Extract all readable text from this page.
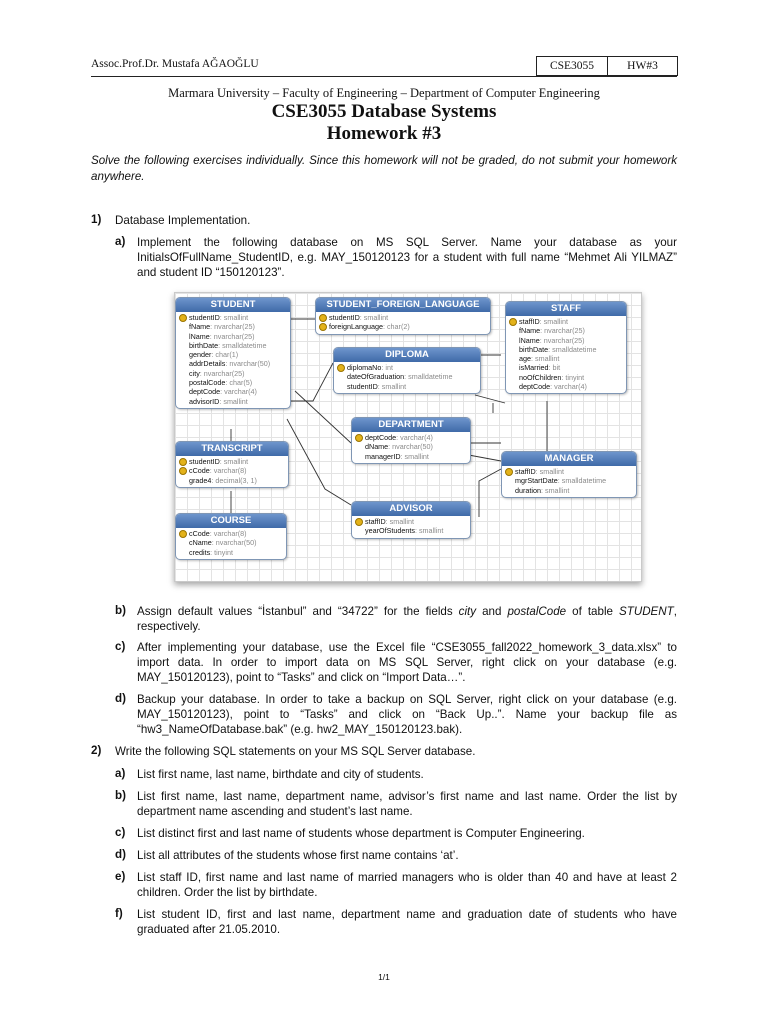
Assoc.Prof.Dr. Mustafa AĞAOĞLU	CSE3055	HW#3
Marmara University – Faculty of Engineering – Department of Computer Engineering
CSE3055 Database Systems
Homework #3
Solve the following exercises individually. Since this homework will not be graded, do not submit your homework anywhere.
1) Database Implementation.
a) Implement the following database on MS SQL Server. Name your database as your InitialsOfFullName_StudentID, e.g. MAY_150120123 for a student with full name “Mehmet Ali YILMAZ” and student ID “150120123”.
STUDENT
studentID: smallint
fName: nvarchar(25)
lName: nvarchar(25)
birthDate: smalldatetime
gender: char(1)
addrDetails: nvarchar(50)
city: nvarchar(25)
postalCode: char(5)
deptCode: varchar(4)
advisorID: smallint
STUDENT_FOREIGN_LANGUAGE
studentID: smallint
foreignLanguage: char(2)
STAFF
staffID: smallint
fName: nvarchar(25)
lName: nvarchar(25)
birthDate: smalldatetime
age: smallint
isMarried: bit
noOfChildren: tinyint
deptCode: varchar(4)
DIPLOMA
diplomaNo: int
dateOfGraduation: smalldatetime
studentID: smallint
DEPARTMENT
deptCode: varchar(4)
dName: nvarchar(50)
managerID: smallint	MANAGER
staffID: smallint
mgrStartDate: smalldatetime
duration: smallint
TRANSCRIPT
studentID: smallint
cCode: varchar(8)
grade4: decimal(3, 1)
ADVISOR
staffID: smallint
yearOfStudents: smallint
COURSE
cCode: varchar(8)
cName: nvarchar(50)
credits: tinyint
b) Assign default values “İstanbul” and “34722” for the fields city and postalCode of table STUDENT, respectively.
c) After implementing your database, use the Excel file “CSE3055_fall2022_homework_3_data.xlsx” to import data. In order to import data on MS SQL Server, right click on your database (e.g. MAY_150120123), point to “Tasks” and click on “Import Data…”.
d) Backup your database. In order to take a backup on SQL Server, right click on your database (e.g. MAY_150120123), point to “Tasks” and click on “Back Up..”. Name your backup file as “hw3_NameOfDatabase.bak” (e.g. hw2_MAY_150120123.bak).
2) Write the following SQL statements on your MS SQL Server database.
a) List first name, last name, birthdate and city of students.
b) List first name, last name, department name, advisor’s first name and last name. Order the list by department name ascending and student’s last name.
c) List distinct first and last name of students whose department is Computer Engineering.
d) List all attributes of the students whose first name contains ‘at’.
e) List staff ID, first name and last name of married managers who is older than 40 and have at least 2 children. Order the list by birthdate.
f) List student ID, first and last name, department name and graduation date of students who have graduated after 21.05.2010.
1/1
